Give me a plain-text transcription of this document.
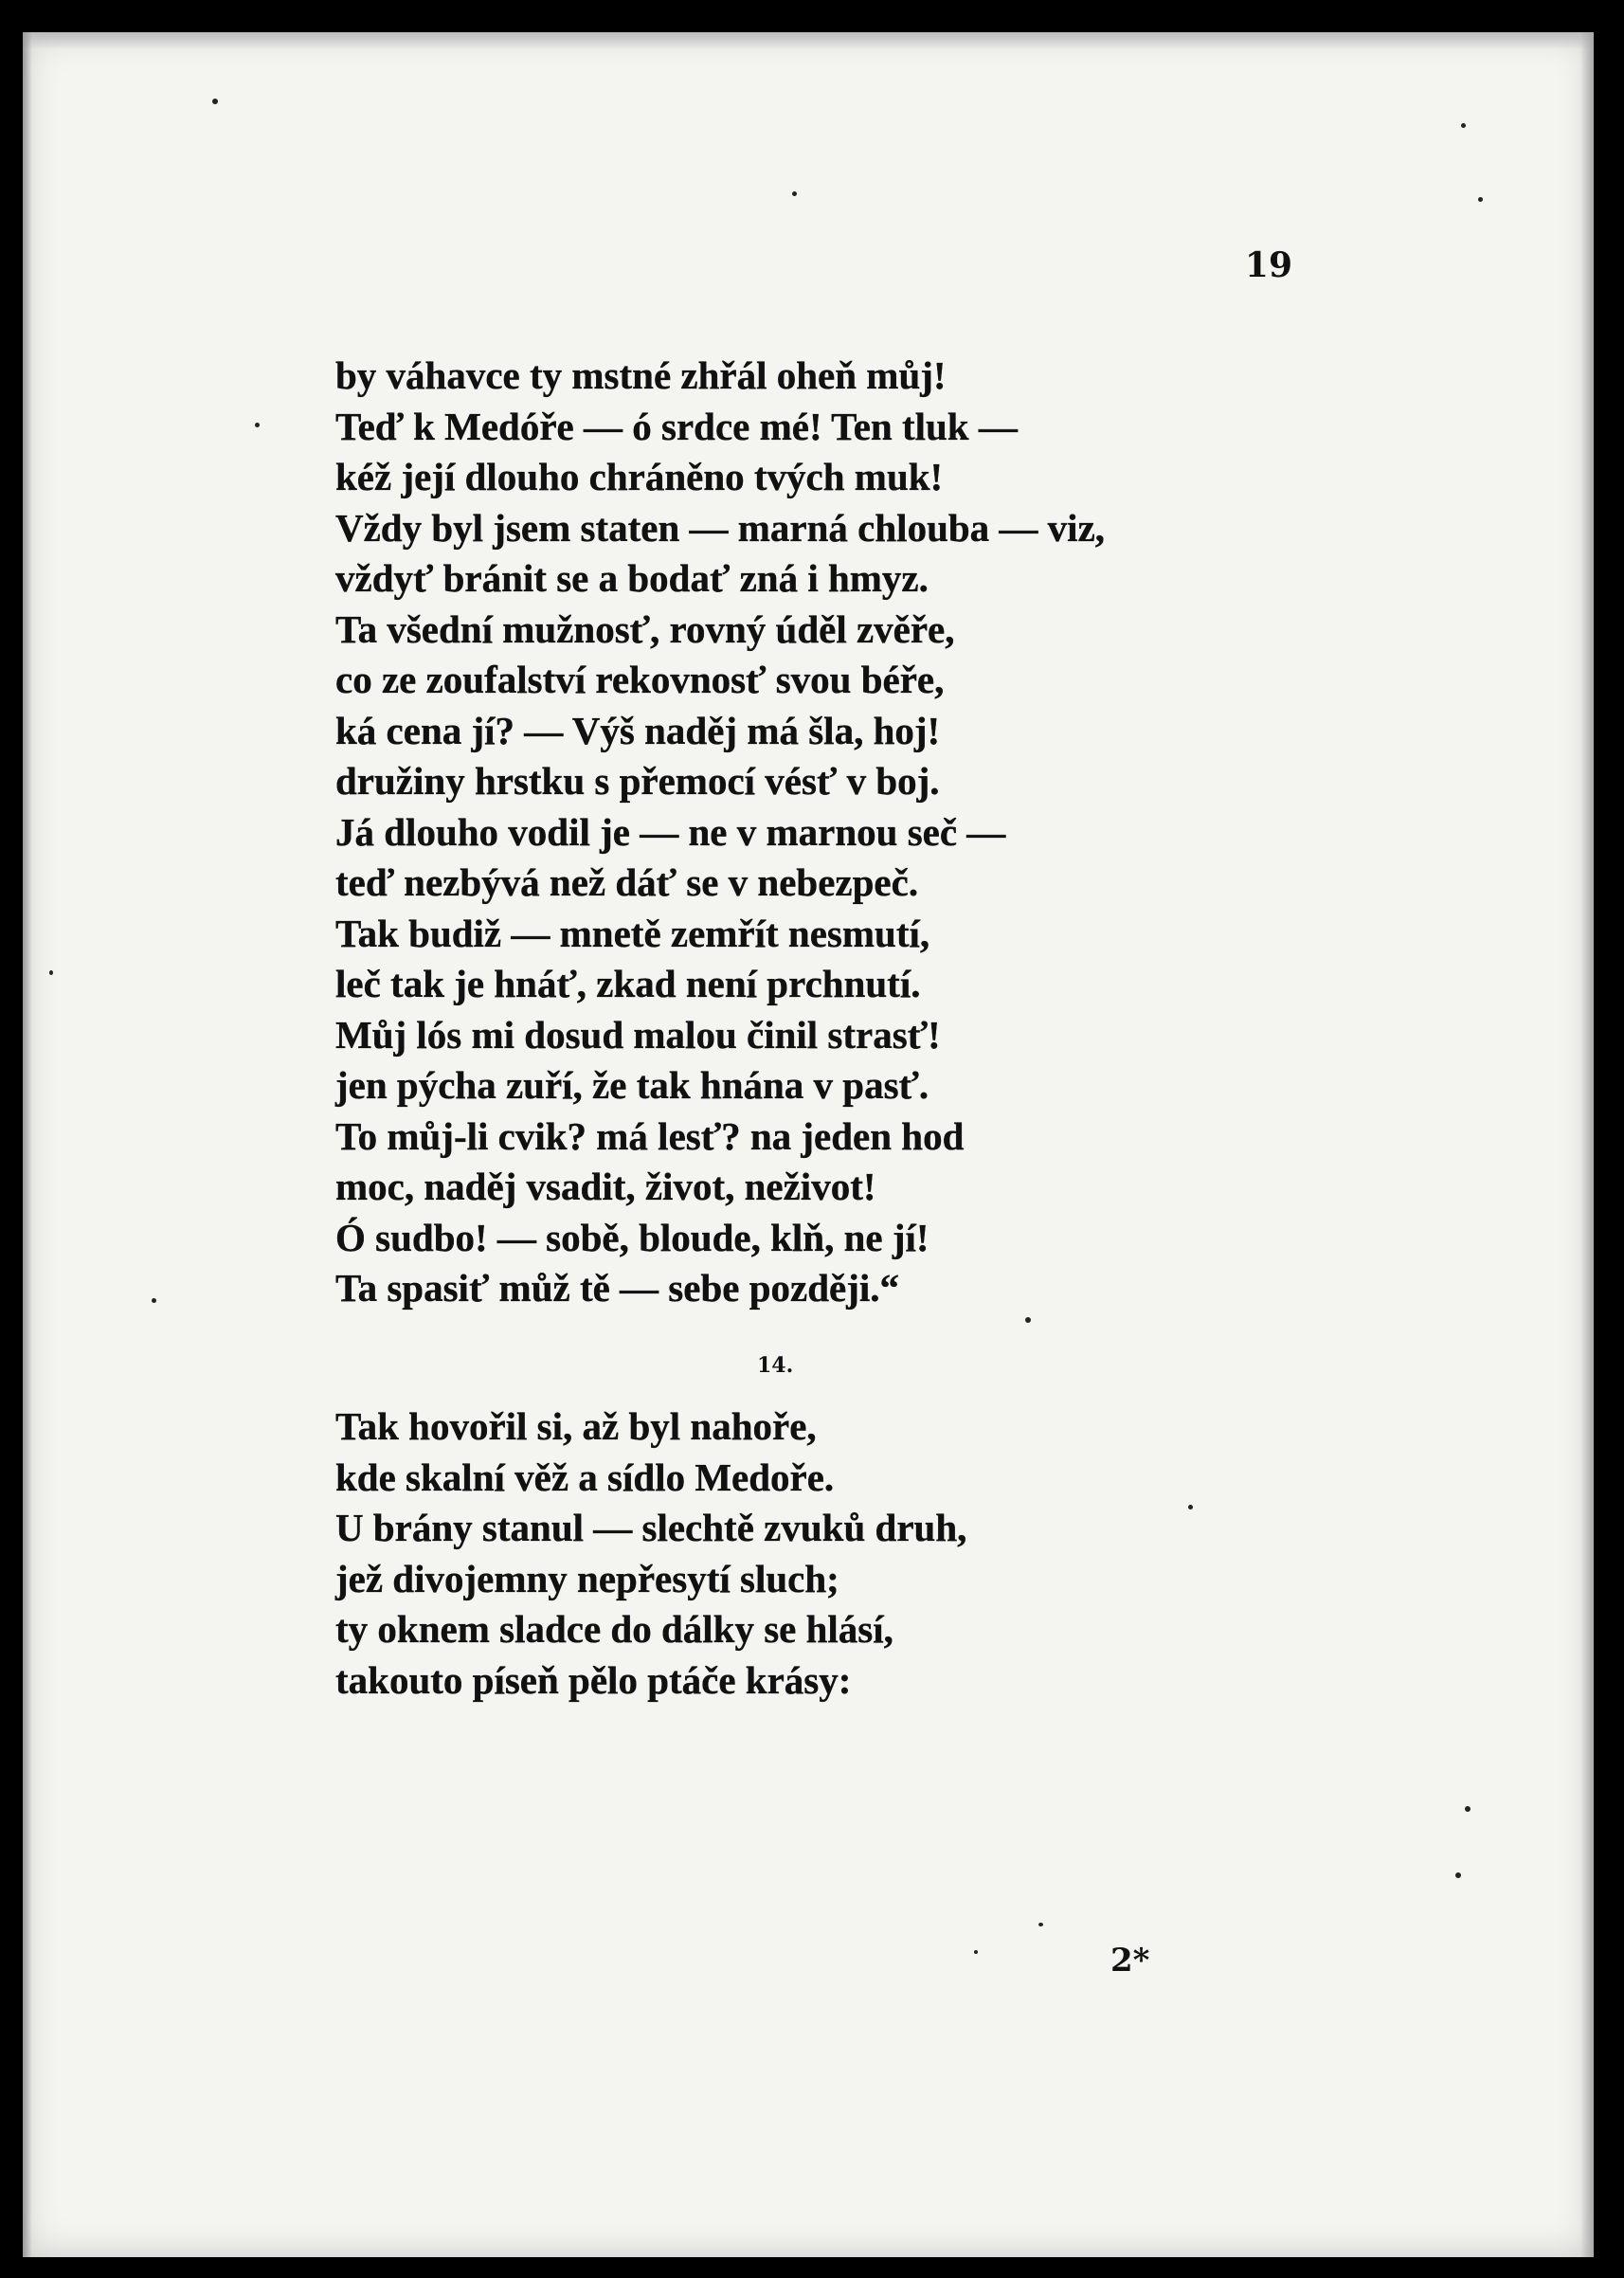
19
by váhavce ty mstné zhřál oheň můj!
Teď k Medóře — ó srdce mé! Ten tluk —
kéž její dlouho chráněno tvých muk!
Vždy byl jsem staten — marná chlouba — viz,
vždyť bránit se a bodať zná i hmyz.
Ta všední mužnosť, rovný úděl zvěře,
co ze zoufalství rekovnosť svou béře,
ká cena jí? — Výš naděj má šla, hoj!
družiny hrstku s přemocí vésť v boj.
Já dlouho vodil je — ne v marnou seč —
teď nezbývá než dáť se v nebezpeč.
Tak budiž — mnetě zemřít nesmutí,
leč tak je hnáť, zkad není prchnutí.
Můj lós mi dosud malou činil strasť!
jen pýcha zuří, že tak hnána v pasť.
To můj-li cvik? má lesť? na jeden hod
moc, naděj vsadit, život, neživot!
Ó sudbo! — sobě, bloude, klň, ne jí!
Ta spasiť můž tě — sebe později.“
14.
Tak hovořil si, až byl nahoře,
kde skalní věž a sídlo Medoře.
U brány stanul — slechtě zvuků druh,
jež divojemny nepřesytí sluch;
ty oknem sladce do dálky se hlásí,
takouto píseň pělo ptáče krásy:
2*
